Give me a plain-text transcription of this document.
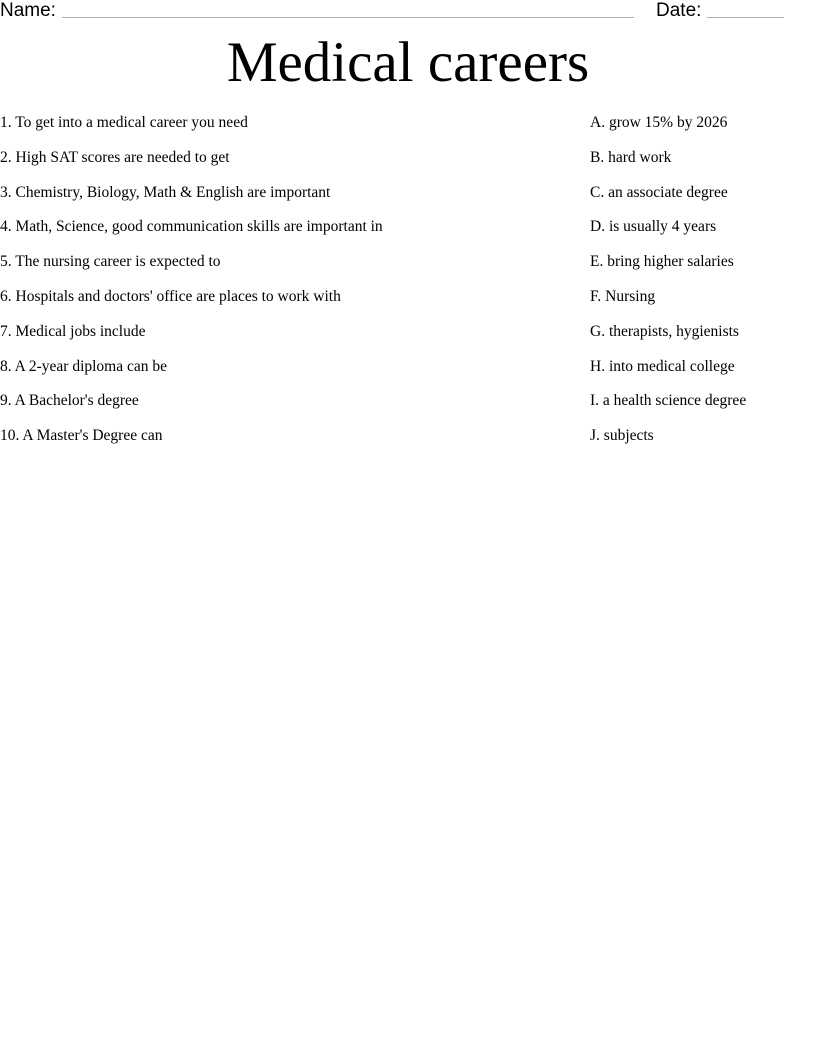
Name:	Date:
Medical careers
1. To get into a medical career you need
2. High SAT scores are needed to get
3. Chemistry, Biology, Math & English are important
4. Math, Science, good communication skills are important in
5. The nursing career is expected to
6. Hospitals and doctors' office are places to work with
7. Medical jobs include
8. A 2-year diploma can be
9. A Bachelor's degree
10. A Master's Degree can
A. grow 15% by 2026
B. hard work
C. an associate degree
D. is usually 4 years
E. bring higher salaries
F. Nursing
G. therapists, hygienists
H. into medical college
I. a health science degree
J. subjects
